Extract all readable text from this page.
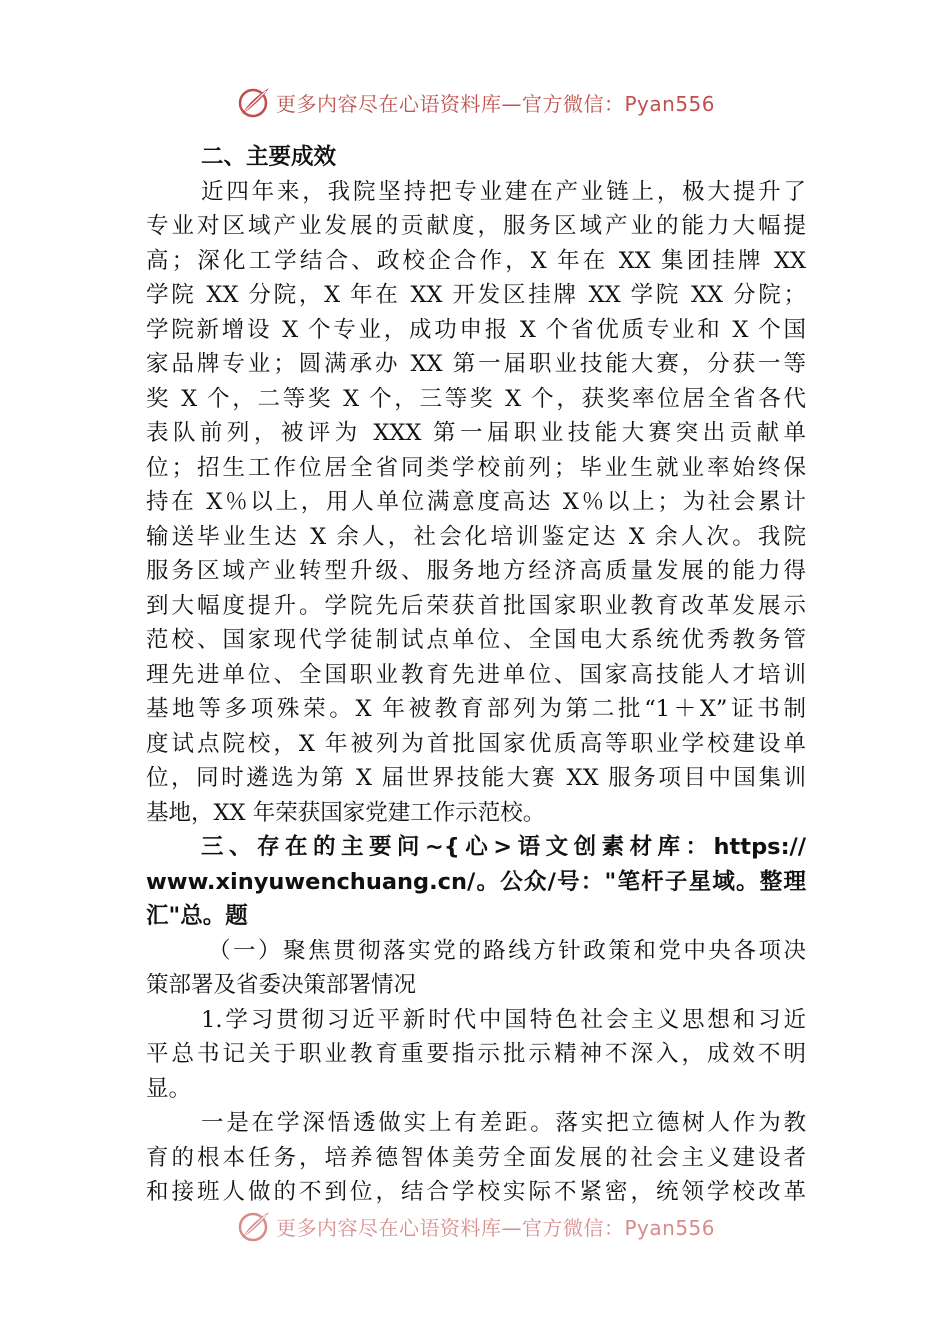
更多内容尽在心语资料库—官方微信：Pyan556
二、主要成效
近四年来，我院坚持把专业建在产业链上，极大提升了
专业对区域产业发展的贡献度，服务区域产业的能力大幅提
高；深化工学结合、政校企合作，X 年在 XX 集团挂牌 XX
学院 XX 分院，X 年在 XX 开发区挂牌 XX 学院 XX 分院；
学院新增设 X 个专业，成功申报 X 个省优质专业和 X 个国
家品牌专业；圆满承办 XX 第一届职业技能大赛，分获一等
奖 X 个，二等奖 X 个，三等奖 X 个，获奖率位居全省各代
表队前列，被评为 XXX 第一届职业技能大赛突出贡献单
位；招生工作位居全省同类学校前列；毕业生就业率始终保
持在 X％以上，用人单位满意度高达 X％以上；为社会累计
输送毕业生达 X 余人，社会化培训鉴定达 X 余人次。我院
服务区域产业转型升级、服务地方经济高质量发展的能力得
到大幅度提升。学院先后荣获首批国家职业教育改革发展示
范校、国家现代学徒制试点单位、全国电大系统优秀教务管
理先进单位、全国职业教育先进单位、国家高技能人才培训
基地等多项殊荣。X 年被教育部列为第二批“1＋X”证书制
度试点院校，X 年被列为首批国家优质高等职业学校建设单
位，同时遴选为第 X 届世界技能大赛 XX 服务项目中国集训
基地，XX 年荣获国家党建工作示范校。
三、存在的主要问~{心>语文创素材库：https://
www.xinyuwenchuang.cn/。公众/号："笔杆子星域。整理
汇"总。题
（一）聚焦贯彻落实党的路线方针政策和党中央各项决
策部署及省委决策部署情况
1.学习贯彻习近平新时代中国特色社会主义思想和习近
平总书记关于职业教育重要指示批示精神不深入，成效不明
显。
一是在学深悟透做实上有差距。落实把立德树人作为教
育的根本任务，培养德智体美劳全面发展的社会主义建设者
和接班人做的不到位，结合学校实际不紧密，统领学校改革
更多内容尽在心语资料库—官方微信：Pyan556
